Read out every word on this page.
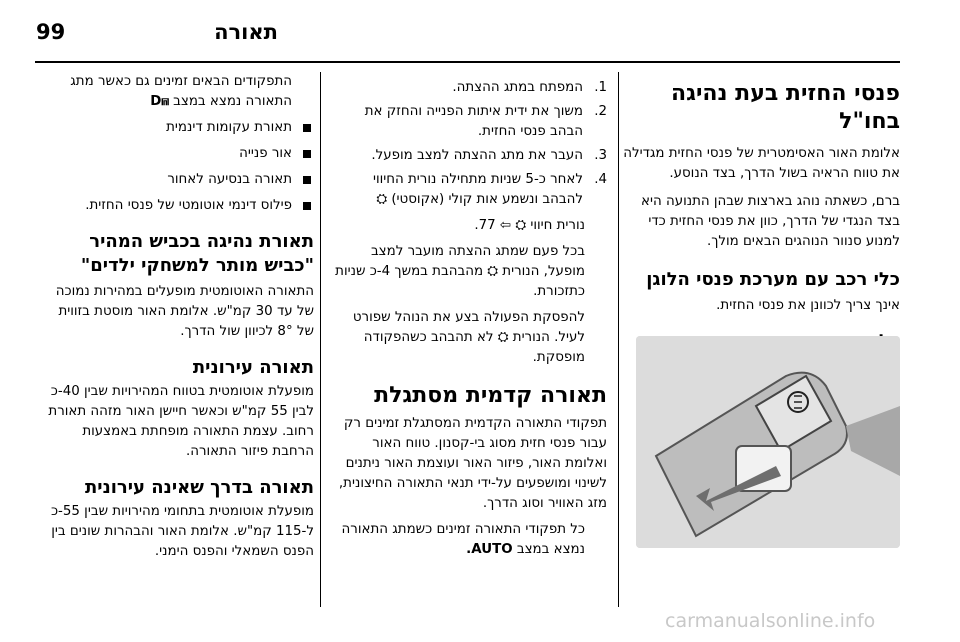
תאורה
99
פנסי החזית בעת נהיגה בחו"ל

אלומת האור האסימטרית של פנסי החזית מגדילה את טווח הראיה בשול הדרך, בצד הנוסע.

ברם, כשאתה נוהג בארצות שבהן התנועה היא בצד הנגדי של הדרך, כוון את פנסי החזית כדי למנוע סנוור הנוהגים הבאים מולך.

כלי רכב עם מערכת פנסי הלוגן

אינך צריך לכוונן את פנסי החזית.

1.
המפתח במתג ההצתה.
2.
משוך את ידית איתות הפנייה והחזק את הבהב פנסי החזית.
3.
העבר את מתג ההצתה למצב מופעל.
4.
לאחר כ-5 שניות מתחילה נורית החיווי להבהב ונשמע אות קולי (אקוסטי) ⛭

נורית חיווי ⛭ ⇦ 77.

בכל פעם שמתג ההצתה מועבר למצב מופעל, הנורית ⛭ מהבהבת במשך 4-כ שניות כתזכורת.

להפסקת הפעולה בצע את הנוהל שפורט לעיל. הנורית ⛭ לא תהבהב כשהפקודה מופסקת.

תאורה קדמית מסתגלת

תפקודי התאורה הקדמית המסתגלת זמינים רק עבור פנסי חזית מסוג בי-קסנון. טווח האור ואלומת האור, פיזור האור ועוצמת האור ניתנים לשינוי ומושפעים על-ידי תנאי התאורה החיצונית, מזג האוויר וסוג הדרך.

כל תפקודי התאורה זמינים כשמתג התאורה נמצא במצב AUTO.

התפקודים הבאים זמינים גם כאשר מתג התאורה נמצא במצב ⩎D

תאורת עקומות דינמית
אור פנייה
תאורה בנסיעה לאחור
פילוס דינמי אוטומטי של פנסי החזית.
תאורת נהיגה בכביש המהיר "כביש מותר למשחקי ילדים"

התאורה האוטומטית מופעלים במהירות נמוכה של עד 30 קמ"ש. אלומת האור מוסטת בזווית של 8° לכיוון שול הדרך.

תאורה עירונית

מופעלת אוטומטית בטווח המהירויות שבין 40-כ לבין 55 קמ"ש וכאשר חיישן האור מזהה תאורת רחוב. עצמת התאורה מופחתת באמצעות הרחבת פיזור התאורה.

תאורה בדרך שאינה עירונית

מופעלת אוטומטית בתחומי מהירויות שבין 55-כ ל-115 קמ"ש. אלומת האור והבהרות שונים בין הפנס השמאלי והפנס הימני.

carmanualsonline.info
